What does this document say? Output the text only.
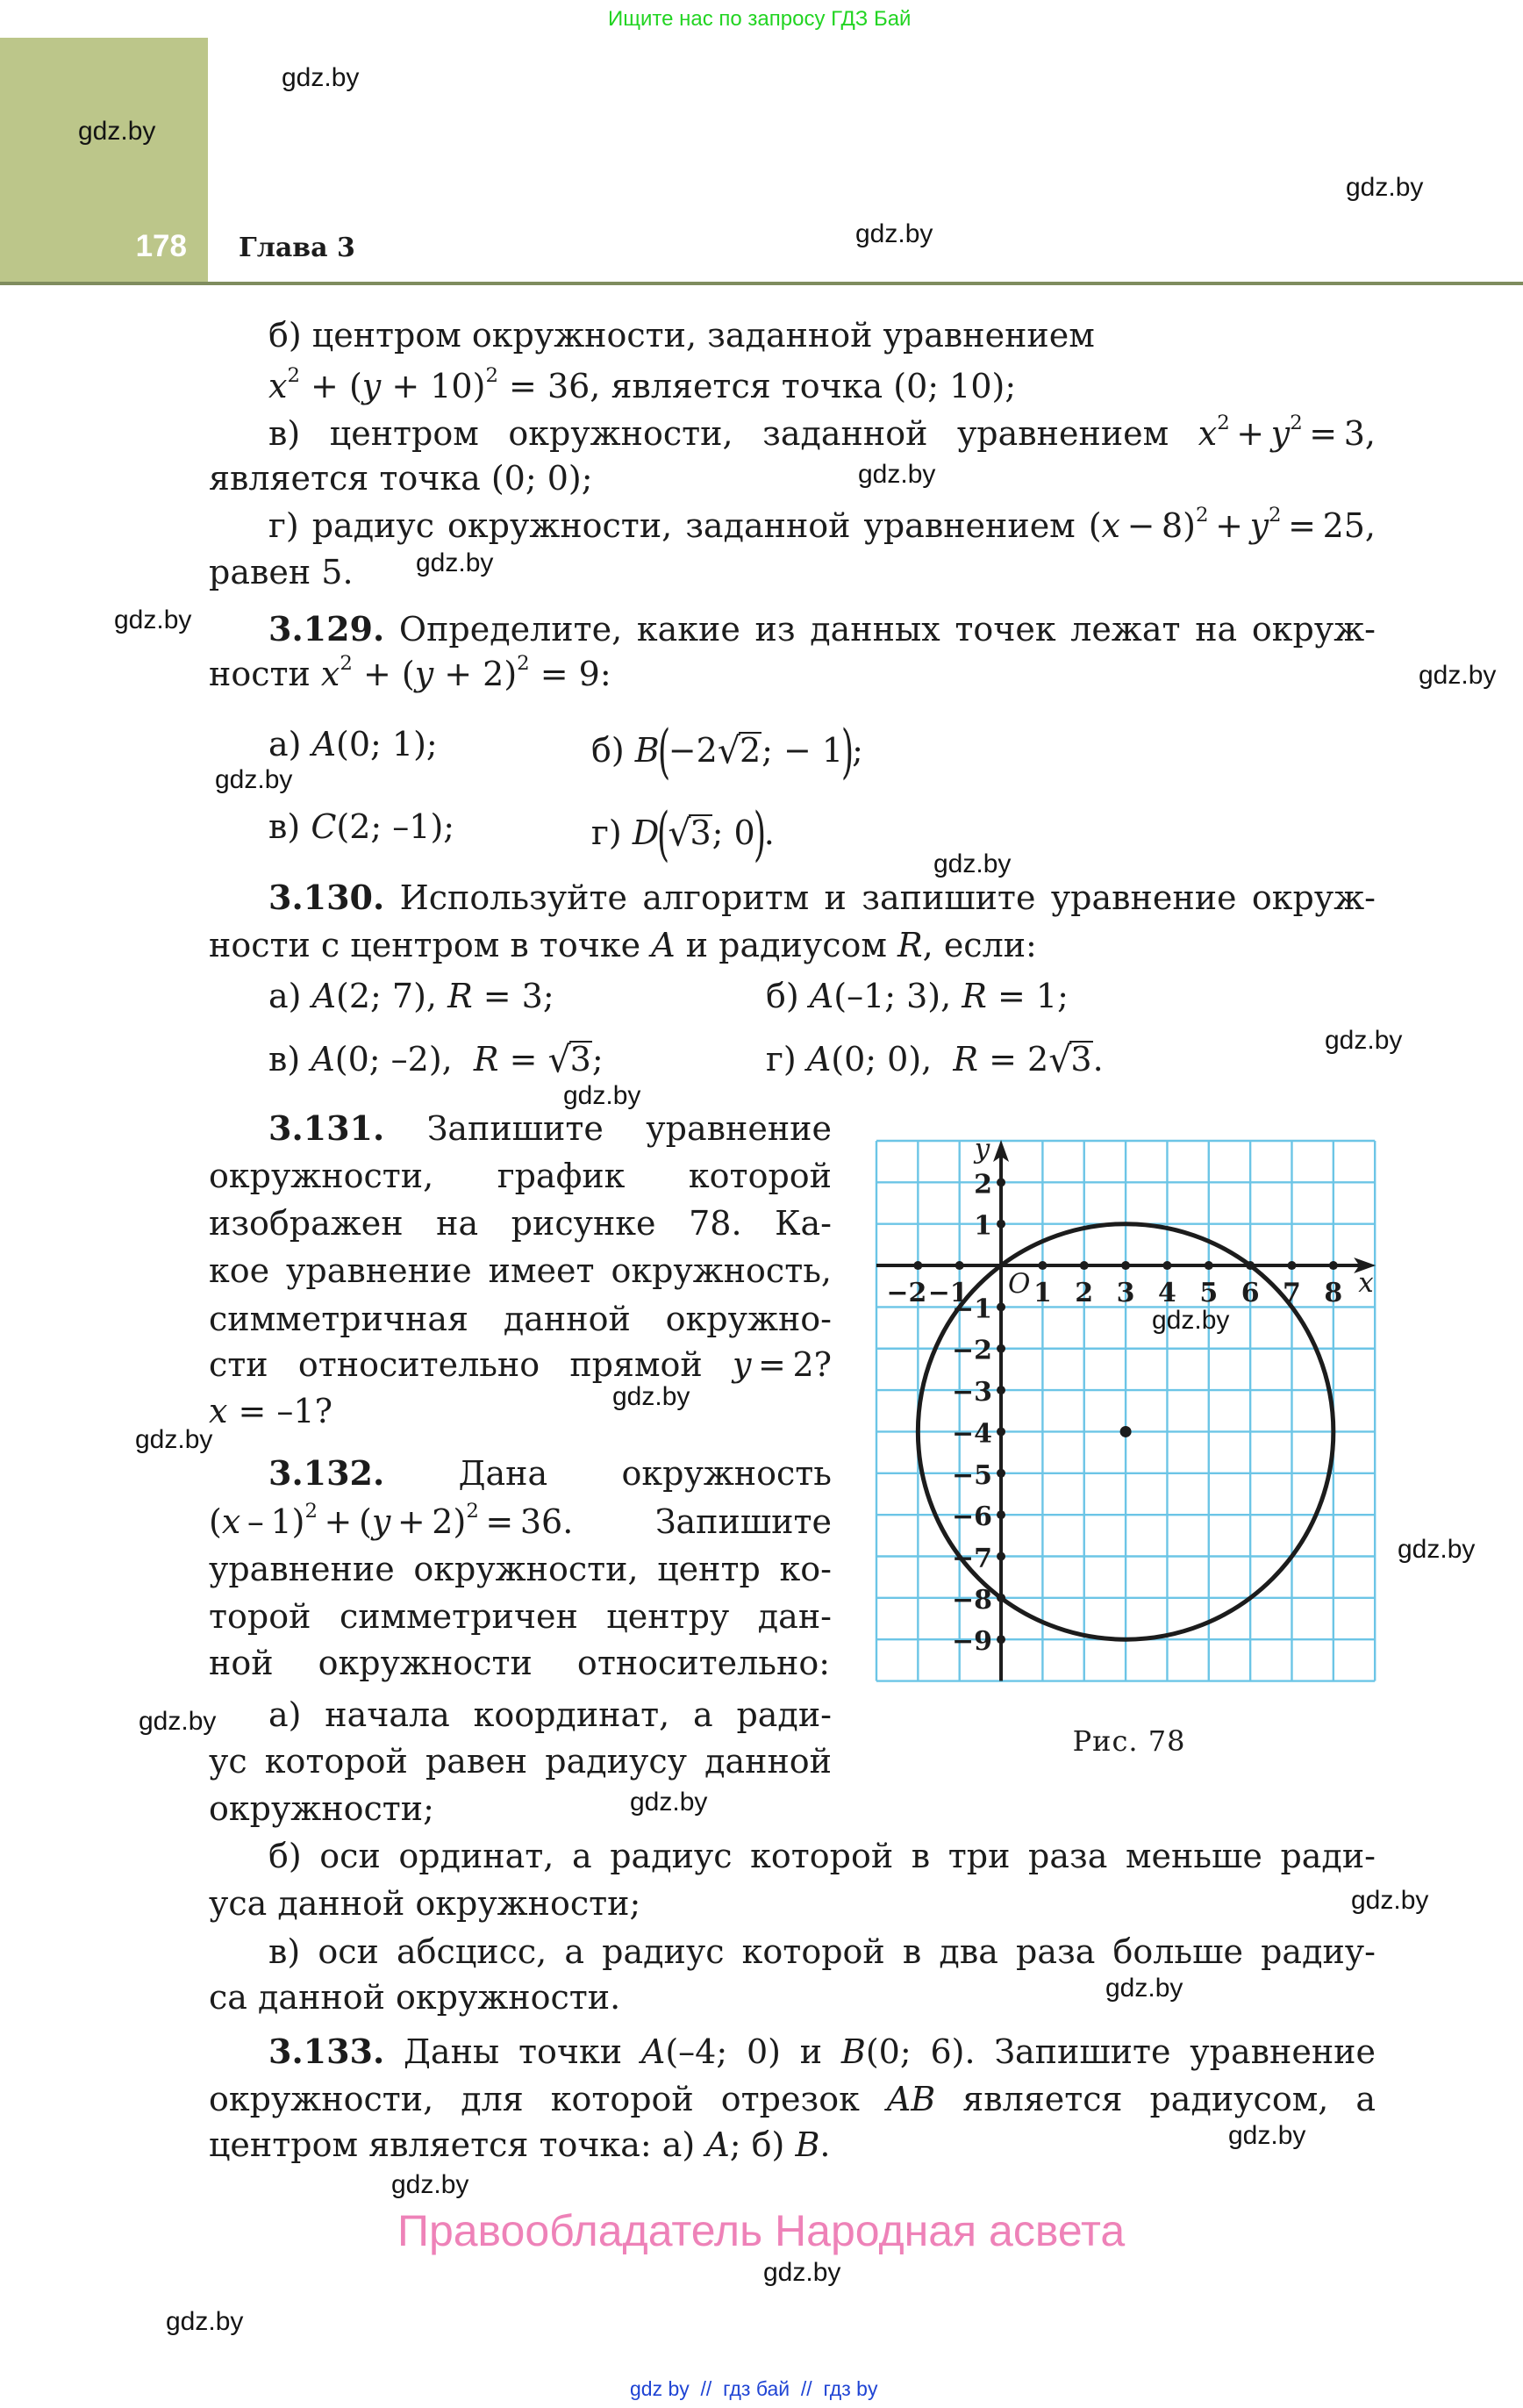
Ищите нас по запросу ГДЗ Бай
178 Глава 3
б) центром окружности, заданной уравнением
$x^2 + (y + 10)^2 = 36$, является точка (0; 10);
в) центром окружности, заданной уравнением $x^2 + y^2 = 3$,
является точка (0; 0);
г) радиус окружности, заданной уравнением $(x - 8)^2 + y^2 = 25$,
равен 5.
3.129. Определите, какие из данных точек лежат на окруж-
ности $x^2 + (y + 2)^2 = 9$:
а) A(0; 1);	б) B(−2√2; − 1);
в) C(2; –1);	г) D(√3; 0).
3.130. Используйте алгоритм и запишите уравнение окруж-
ности с центром в точке A и радиусом R, если:
а) A(2; 7), R = 3;	б) A(–1; 3), R = 1;
в) A(0; –2),  R = √3;	г) A(0; 0),  R = 2√3.
3.131. Запишите уравнение
окружности, график которой
изображен на рисунке 78. Ка-
кое уравнение имеет окружность,
симметричная данной окружно-
сти относительно прямой y = 2?
x = –1?
3.132. Дана окружность
$(x - 1)^2 + (y + 2)^2 = 36$. Запишите
уравнение окружности, центр ко-
торой симметричен центру дан-
ной окружности относительно:
а) начала координат, а ради-
ус которой равен радиусу данной
окружности;
б) оси ординат, а радиус которой в три раза меньше ради-
уса данной окружности;
в) оси абсцисс, а радиус которой в два раза больше радиу-
са данной окружности.
3.133. Даны точки A(–4; 0) и B(0; 6). Запишите уравнение
окружности, для которой отрезок AB является радиусом, а
центром является точка: а) A; б) B.
−2 −1 1 2 3 4 5 6 7 8
2
1
−1
−2
−3
−4
−5
−6
−7
−8
−9
O	x
y
Рис. 78
Правообладатель Народная асвета
gdz by  //  гдз бай  //  гдз by
gdz.by
gdz.by
gdz.by
gdz.by
gdz.by
gdz.by
gdz.by
gdz.by
gdz.by
gdz.by
gdz.by
gdz.by
gdz.by
gdz.by
gdz.by
gdz.by
gdz.by
gdz.by
gdz.by
gdz.by
gdz.by
gdz.by
gdz.by
gdz.by
